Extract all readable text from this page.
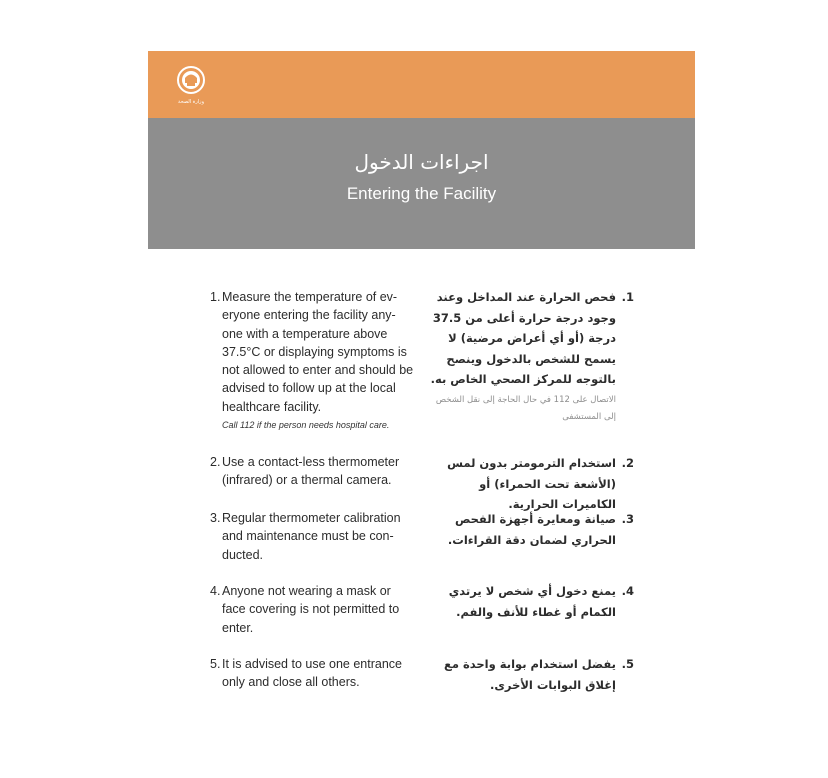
وزارة الصحة
اجراءات الدخول
Entering the Facility
1. Measure the temperature of ev-eryone entering the facility any-one with a temperature above 37.5°C or displaying symptoms is not allowed to enter and should be advised to follow up at the local healthcare facility.
Call 112 if the person needs hospital care.
.1
فحص الحرارة عند المداخل وعند وجود درجة حرارة أعلى من 37.5 درجة (أو أي أعراض مرضية) لا يسمح للشخص بالدخول وينصح بالتوجه للمركز الصحي الخاص به.
الاتصال على 112 في حال الحاجة إلى نقل الشخص إلى المستشفى
2. Use a contact-less thermometer (infrared) or a thermal camera.
.2
استخدام الترمومتر بدون لمس (الأشعة تحت الحمراء) أو الكاميرات الحرارية.
3. Regular thermometer calibration and maintenance must be con-ducted.
.3
صيانة ومعايرة أجهزة الفحص الحراري لضمان دقة القراءات.
4. Anyone not wearing a mask or face covering is not permitted to enter.
.4
يمنع دخول أي شخص لا يرتدي الكمام أو غطاء للأنف والفم.
5. It is advised to use one entrance only and close all others.
.5
يفضل استخدام بوابة واحدة مع إغلاق البوابات الأخرى.
